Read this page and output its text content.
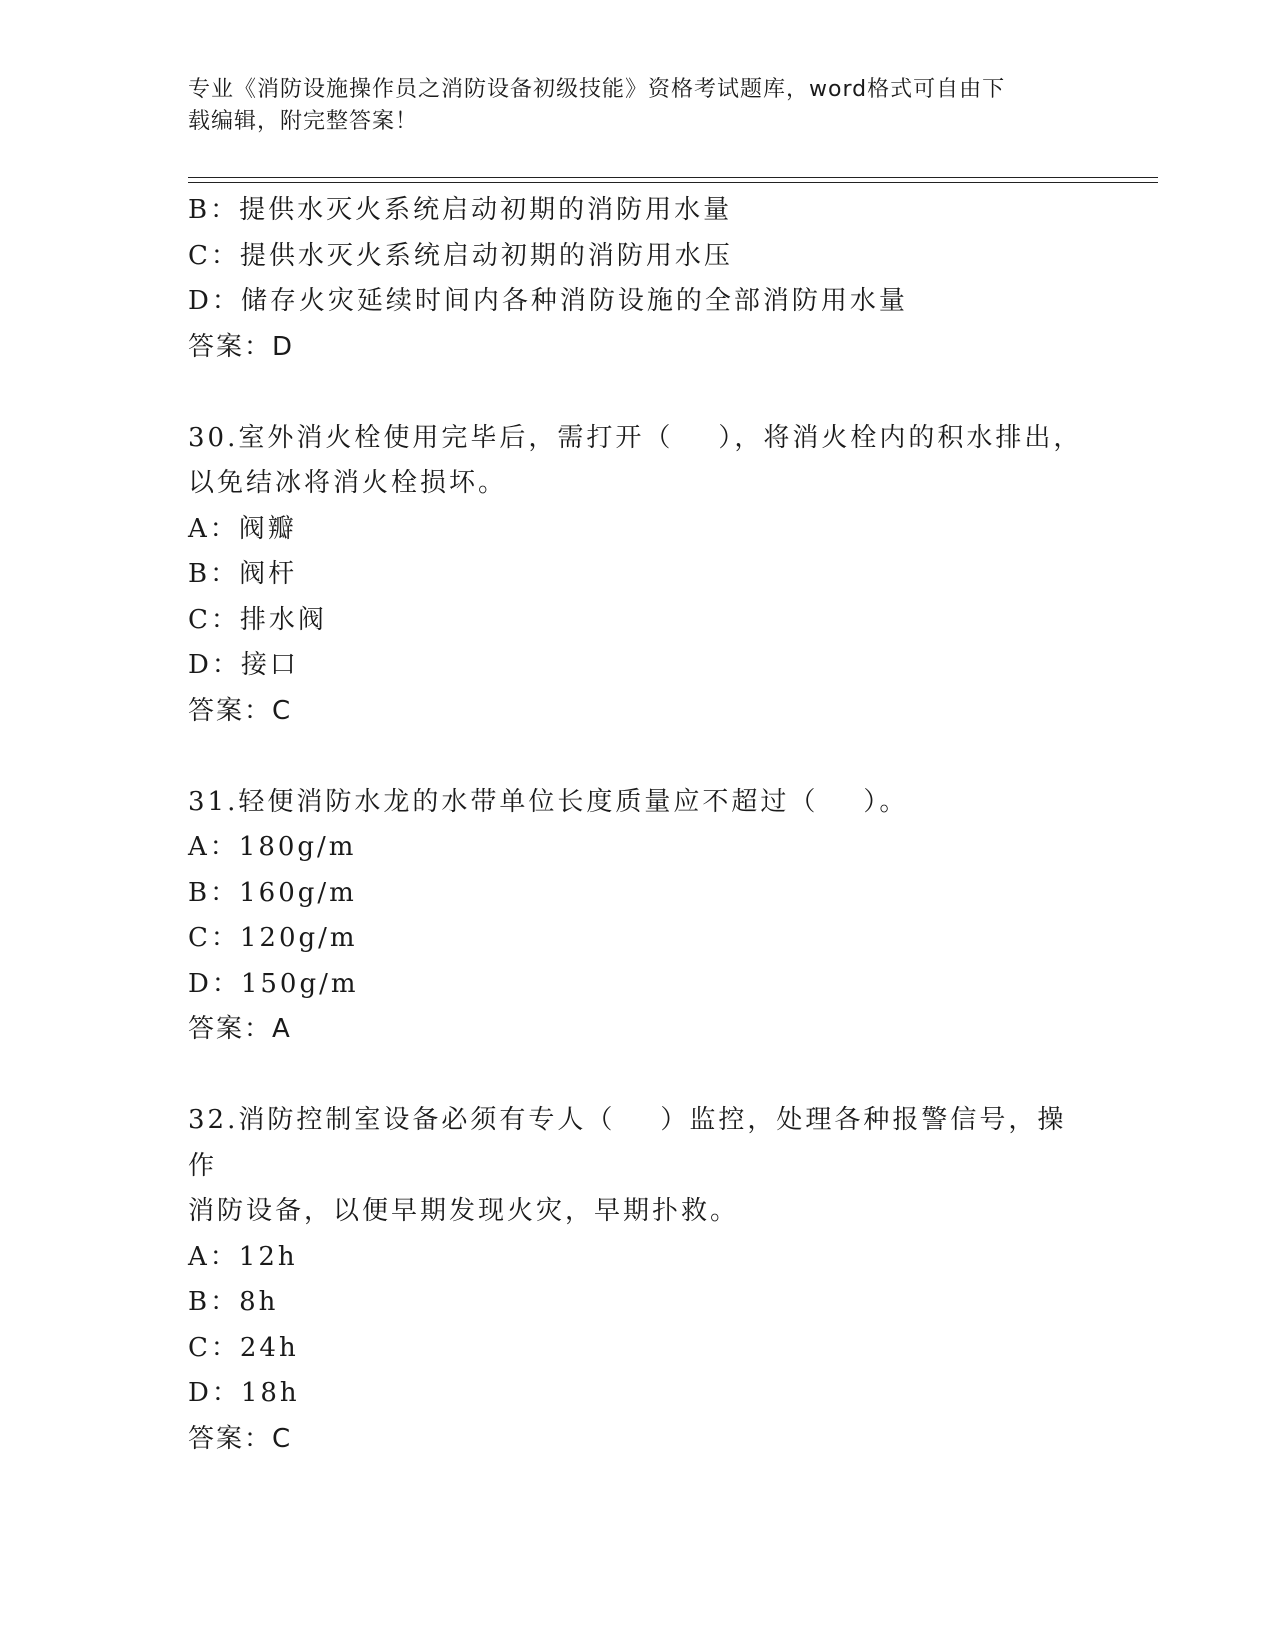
专业《消防设施操作员之消防设备初级技能》资格考试题库，word格式可自由下
载编辑，附完整答案！
B：提供水灭火系统启动初期的消防用水量
C：提供水灭火系统启动初期的消防用水压
D：储存火灾延续时间内各种消防设施的全部消防用水量
答案：D
30.室外消火栓使用完毕后，需打开（    ），将消火栓内的积水排出，
以免结冰将消火栓损坏。
A：阀瓣
B：阀杆
C：排水阀
D：接口
答案：C
31.轻便消防水龙的水带单位长度质量应不超过（    ）。
A：180g/m
B：160g/m
C：120g/m
D：150g/m
答案：A
32.消防控制室设备必须有专人（    ）监控，处理各种报警信号，操作
消防设备，以便早期发现火灾，早期扑救。
A：12h
B：8h
C：24h
D：18h
答案：C
